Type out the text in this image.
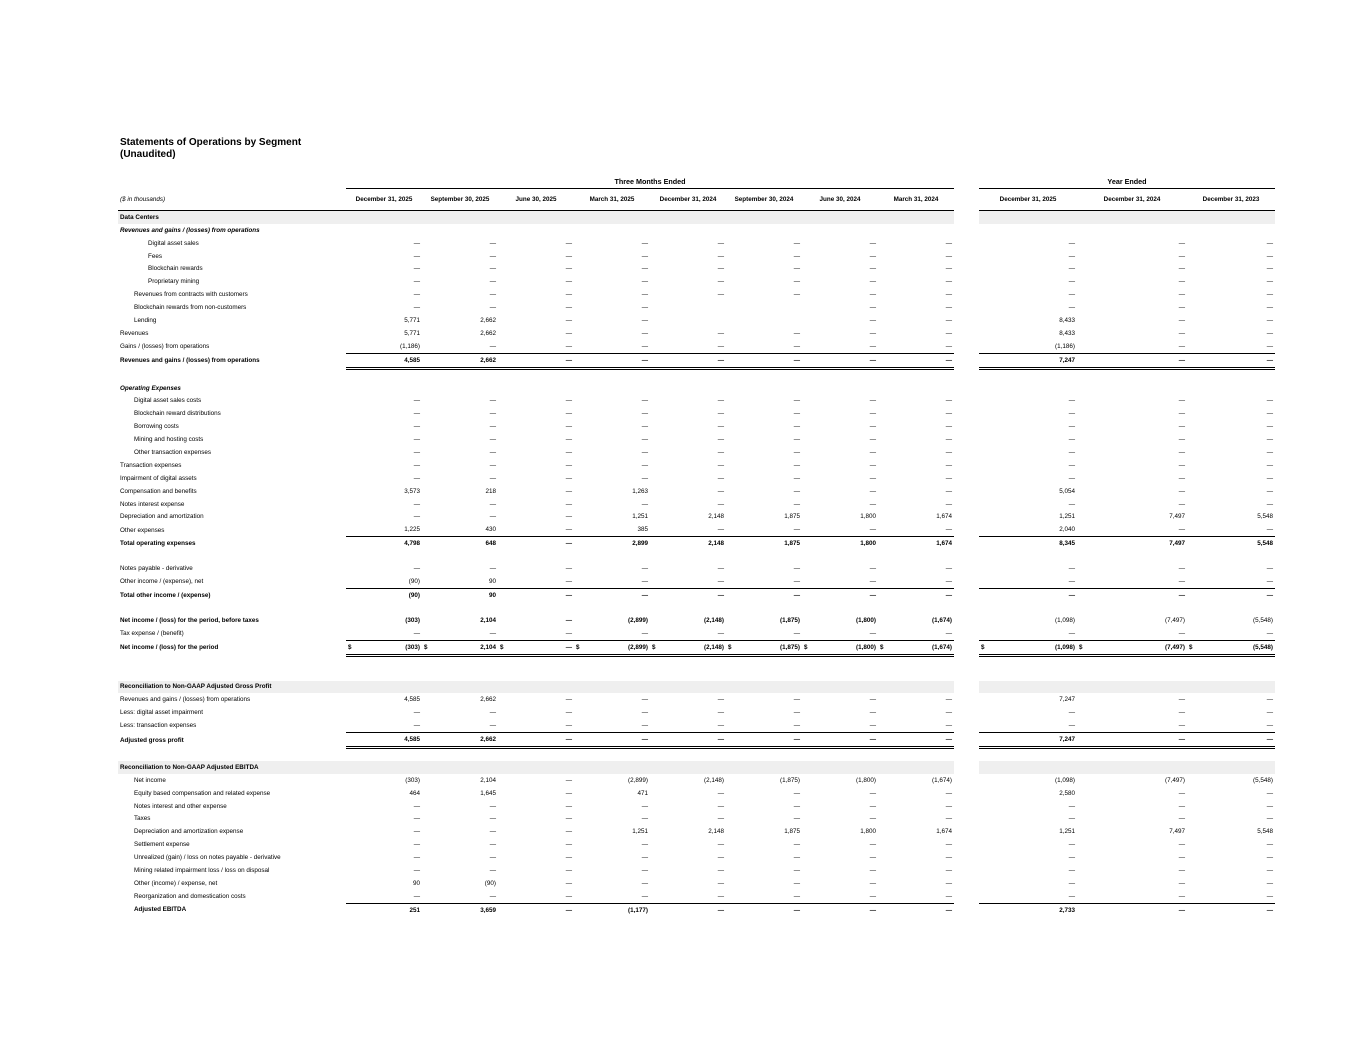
Statements of Operations by Segment
(Unaudited)
	Three Months Ended									Year Ended		
($ in thousands)	December 31, 2025	September 30, 2025	June 30, 2025	March 31, 2025	December 31, 2024	September 30, 2024	June 30, 2024	March 31, 2024		December 31, 2025	December 31, 2024	December 31, 2023
Data Centers												
Revenues and gains / (losses) from operations												
Digital asset sales	—	—	—	—	—	—	—	—		—	—	—
Fees	—	—	—	—	—	—	—	—		—	—	—
Blockchain rewards	—	—	—	—	—	—	—	—		—	—	—
Proprietary mining	—	—	—	—	—	—	—	—		—	—	—
Revenues from contracts with customers	—	—	—	—	—	—	—	—		—	—	—
Blockchain rewards from non-customers	—	—	—	—			—	—		—	—	—
Lending	5,771	2,662	—	—			—	—		8,433	—	—
Revenues	5,771	2,662	—	—	—	—	—	—		8,433	—	—
Gains / (losses) from operations	(1,186)	—	—	—	—	—	—	—		(1,186)	—	—
Revenues and gains / (losses) from operations	4,585	2,662	—	—	—	—	—	—		7,247	—	—

Operating Expenses												
Digital asset sales costs	—	—	—	—	—	—	—	—		—	—	—
Blockchain reward distributions	—	—	—	—	—	—	—	—		—	—	—
Borrowing costs	—	—	—	—	—	—	—	—		—	—	—
Mining and hosting costs	—	—	—	—	—	—	—	—		—	—	—
Other transaction expenses	—	—	—	—	—	—	—	—		—	—	—
Transaction expenses	—	—	—	—	—	—	—	—		—	—	—
Impairment of digital assets	—	—	—	—	—	—	—	—		—	—	—
Compensation and benefits	3,573	218	—	1,263	—	—	—	—		5,054	—	—
Notes interest expense	—	—	—	—	—	—	—	—		—	—	—
Depreciation and amortization	—	—	—	1,251	2,148	1,875	1,800	1,674		1,251	7,497	5,548
Other expenses	1,225	430	—	385	—	—	—	—		2,040	—	—
Total operating expenses	4,798	648	—	2,899	2,148	1,875	1,800	1,674		8,345	7,497	5,548

Notes payable - derivative	—	—	—	—	—	—	—	—		—	—	—
Other income / (expense), net	(90)	90	—	—	—	—	—	—		—	—	—
Total other income / (expense)	(90)	90	—	—	—	—	—	—		—	—	—

Net income / (loss) for the period, before taxes	(303)	2,104	—	(2,899)	(2,148)	(1,875)	(1,800)	(1,674)		(1,098)	(7,497)	(5,548)
Tax expense / (benefit)	—	—	—	—	—	—	—	—		—	—	—
Net income / (loss) for the period	$ (303)	$ 2,104	$ —	$ (2,899)	$ (2,148)	$ (1,875)	$ (1,800)	$ (1,674)		$ (1,098)	$ (7,497)	$ (5,548)

Reconciliation to Non-GAAP Adjusted Gross Profit												
Revenues and gains / (losses) from operations	4,585	2,662	—	—	—	—	—	—		7,247	—	—
Less: digital asset impairment	—	—	—	—	—	—	—	—		—	—	—
Less: transaction expenses	—	—	—	—	—	—	—	—		—	—	—
Adjusted gross profit	4,585	2,662	—	—	—	—	—	—		7,247	—	—

Reconciliation to Non-GAAP Adjusted EBITDA												
Net income	(303)	2,104	—	(2,899)	(2,148)	(1,875)	(1,800)	(1,674)		(1,098)	(7,497)	(5,548)
Equity based compensation and related expense	464	1,645	—	471	—	—	—	—		2,580	—	—
Notes interest and other expense	—	—	—	—	—	—	—	—		—	—	—
Taxes	—	—	—	—	—	—	—	—		—	—	—
Depreciation and amortization expense	—	—	—	1,251	2,148	1,875	1,800	1,674		1,251	7,497	5,548
Settlement expense	—	—	—	—	—	—	—	—		—	—	—
Unrealized (gain) / loss on notes payable - derivative	—	—	—	—	—	—	—	—		—	—	—
Mining related impairment loss / loss on disposal	—	—	—	—	—	—	—	—		—	—	—
Other (income) / expense, net	90	(90)	—	—	—	—	—	—		—	—	—
Reorganization and domestication costs	—	—	—	—	—	—	—	—		—	—	—
Adjusted EBITDA	251	3,659	—	(1,177)	—	—	—	—		2,733	—	—
